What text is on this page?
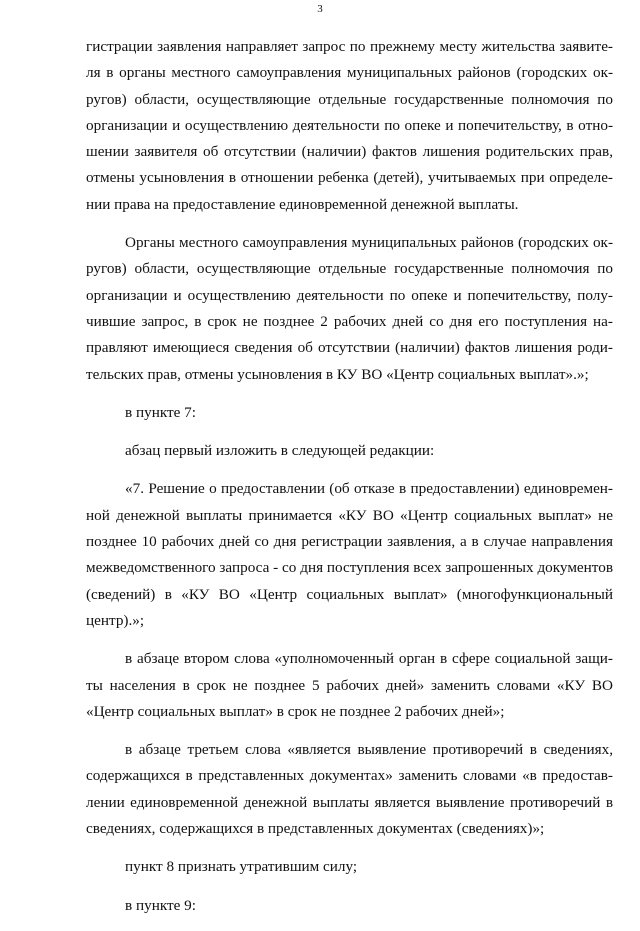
3
гистрации заявления направляет запрос по прежнему месту жительства заявите-
ля в органы местного самоуправления муниципальных районов (городских ок-
ругов) области, осуществляющие отдельные государственные полномочия по
организации и осуществлению деятельности по опеке и попечительству, в отно-
шении заявителя об отсутствии (наличии) фактов лишения родительских прав,
отмены усыновления в отношении ребенка (детей), учитываемых при определе-
нии права на предоставление единовременной денежной выплаты.
Органы местного самоуправления муниципальных районов (городских ок-
ругов) области, осуществляющие отдельные государственные полномочия по
организации и осуществлению деятельности по опеке и попечительству, полу-
чившие запрос, в срок не позднее 2 рабочих дней со дня его поступления на-
правляют имеющиеся сведения об отсутствии (наличии) фактов лишения роди-
тельских прав, отмены усыновления в КУ ВО «Центр социальных выплат».»;
в пункте 7:
абзац первый изложить в следующей редакции:
«7. Решение о предоставлении (об отказе в предоставлении) единовремен-
ной денежной выплаты принимается «КУ ВО «Центр социальных выплат» не
позднее 10 рабочих дней со дня регистрации заявления, а в случае направления
межведомственного запроса - со дня поступления всех запрошенных документов
(сведений) в «КУ ВО «Центр социальных выплат» (многофункциональный
центр).»;
в абзаце втором слова «уполномоченный орган в сфере социальной защи-
ты населения в срок не позднее 5 рабочих дней» заменить словами «КУ ВО
«Центр социальных выплат» в срок не позднее 2 рабочих дней»;
в абзаце третьем слова «является выявление противоречий в сведениях,
содержащихся в представленных документах» заменить словами «в предостав-
лении единовременной денежной выплаты является выявление противоречий в
сведениях, содержащихся в представленных документах (сведениях)»;
пункт 8 признать утратившим силу;
в пункте 9:
